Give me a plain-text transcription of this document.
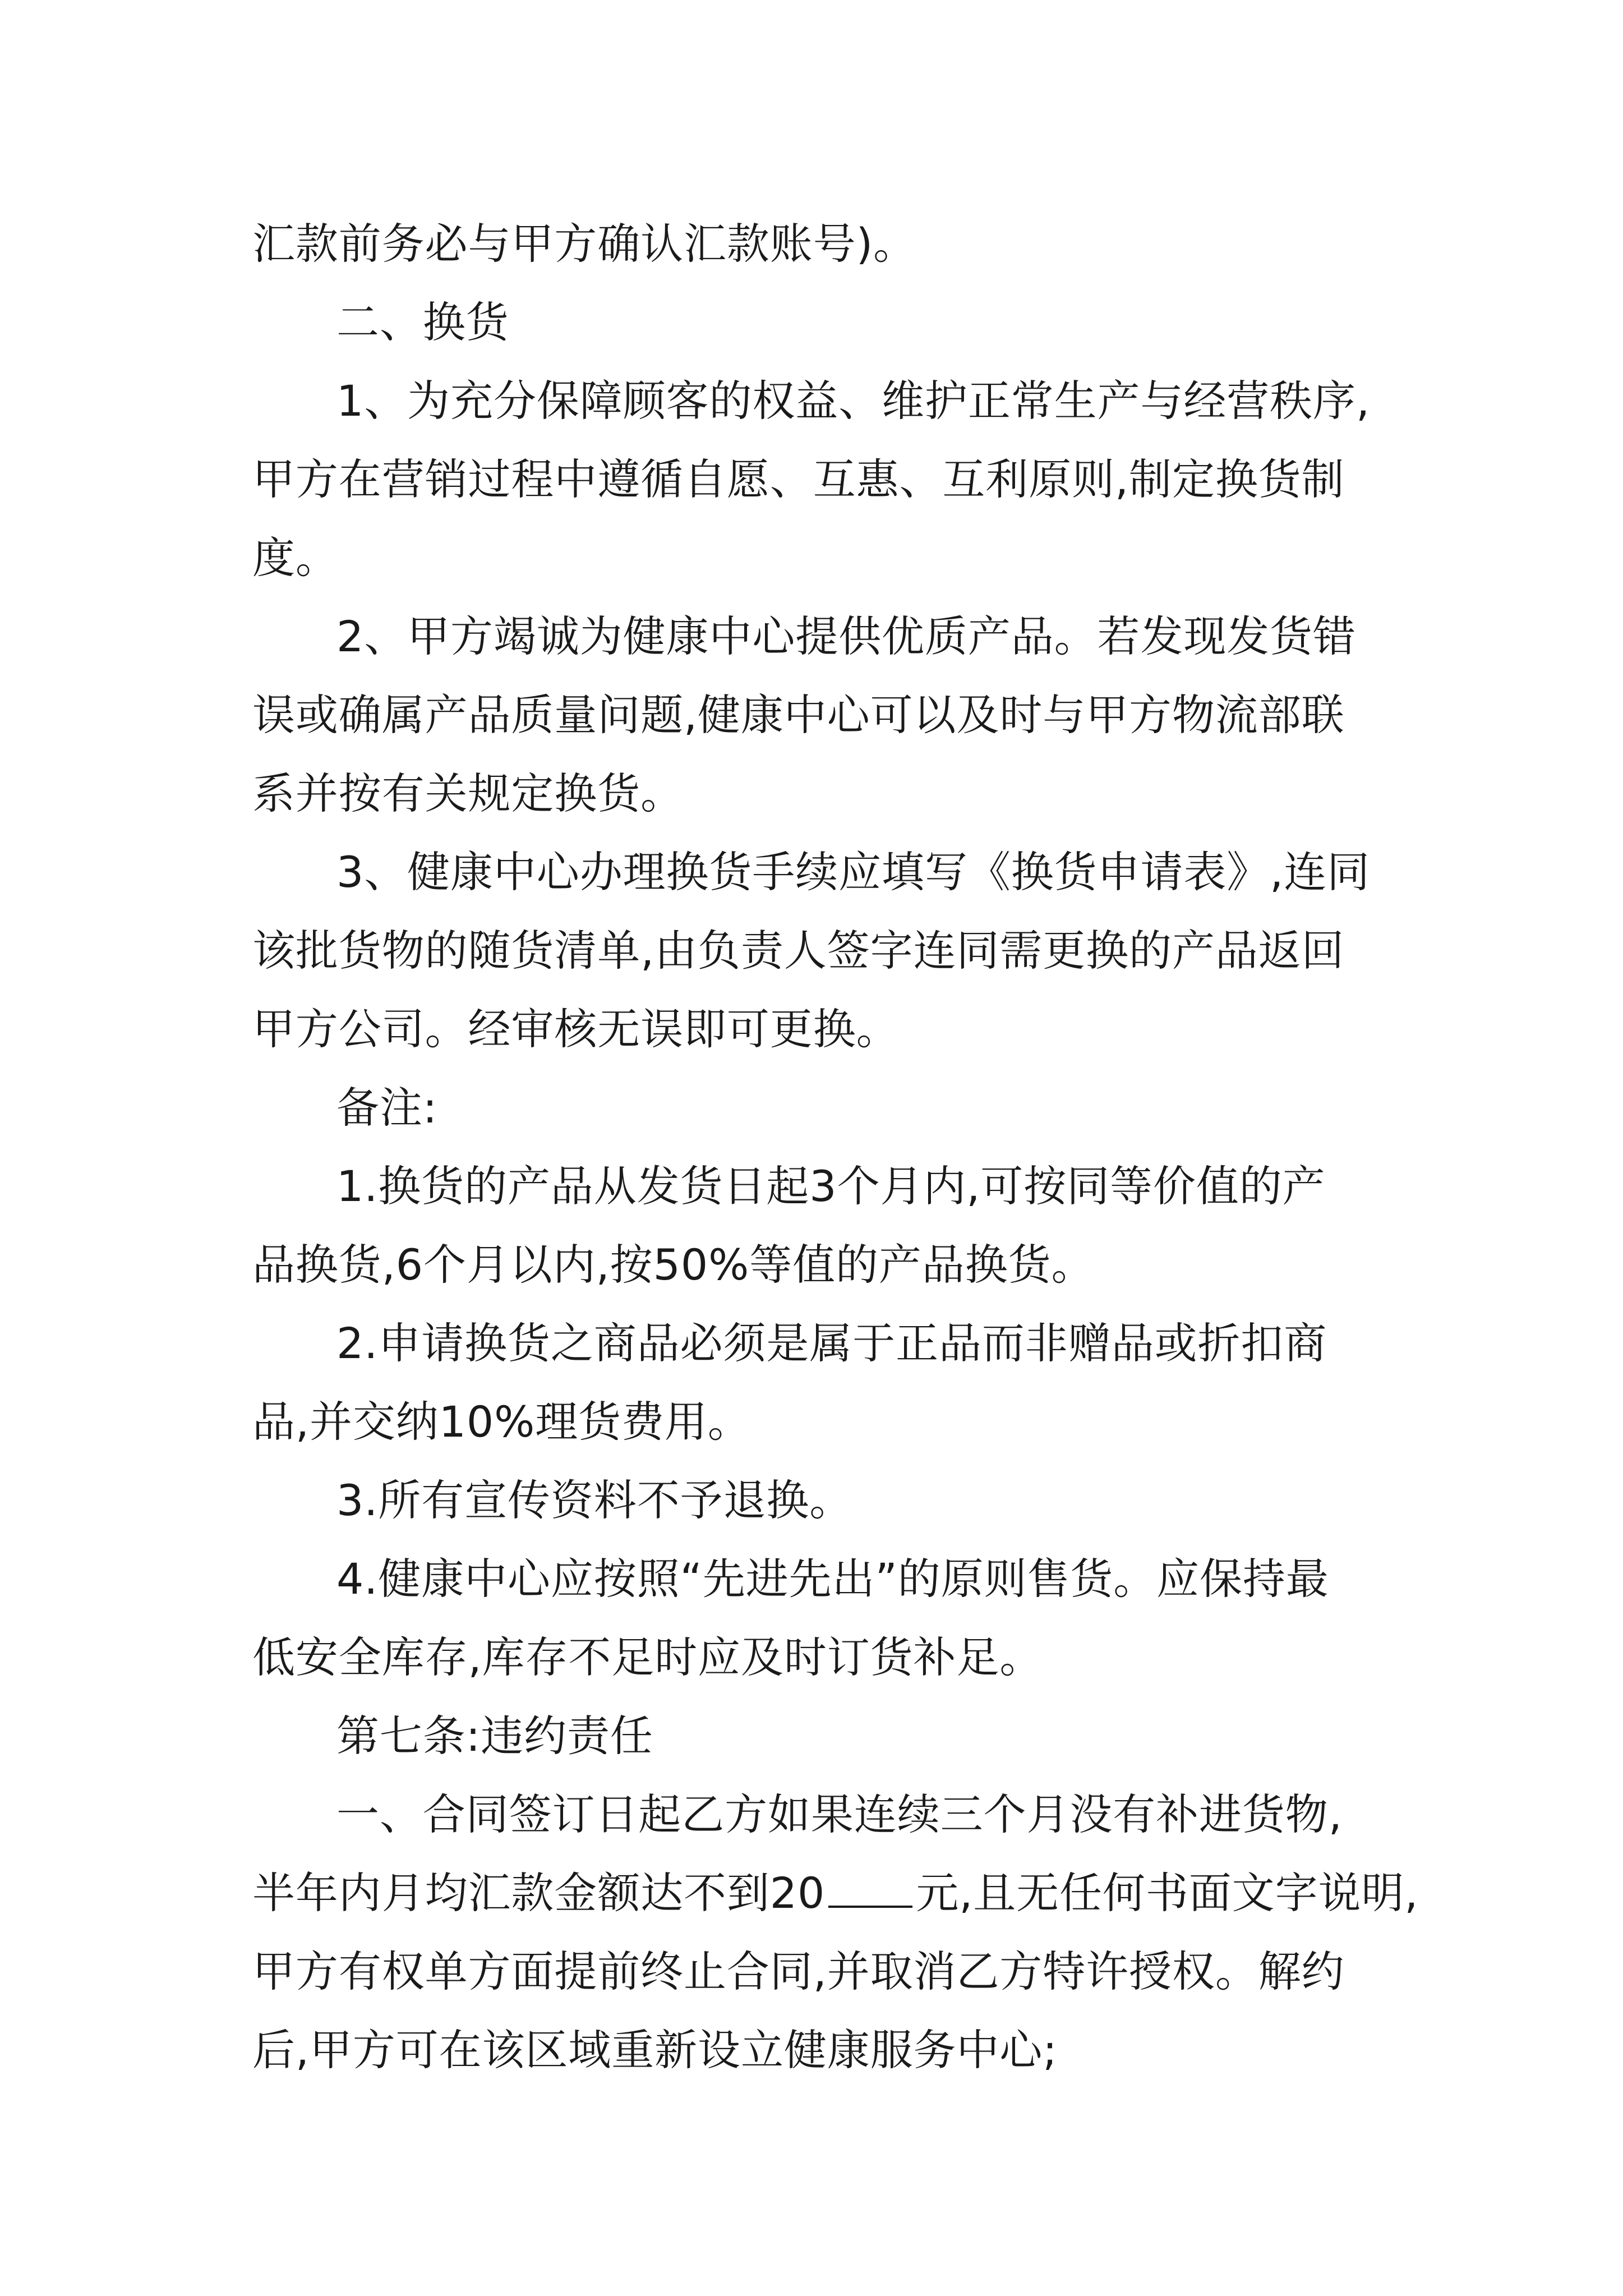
汇款前务必与甲方确认汇款账号)。

二、换货

1、为充分保障顾客的权益、维护正常生产与经营秩序,

甲方在营销过程中遵循自愿、互惠、互利原则,制定换货制

度。

2、甲方竭诚为健康中心提供优质产品。若发现发货错

误或确属产品质量问题,健康中心可以及时与甲方物流部联

系并按有关规定换货。

3、健康中心办理换货手续应填写《换货申请表》,连同

该批货物的随货清单,由负责人签字连同需更换的产品返回

甲方公司。经审核无误即可更换。

备注:

1.换货的产品从发货日起3个月内,可按同等价值的产

品换货,6个月以内,按50%等值的产品换货。

2.申请换货之商品必须是属于正品而非赠品或折扣商

品,并交纳10%理货费用。

3.所有宣传资料不予退换。

4.健康中心应按照“先进先出”的原则售货。应保持最

低安全库存,库存不足时应及时订货补足。

第七条:违约责任

一、合同签订日起乙方如果连续三个月没有补进货物,

半年内月均汇款金额达不到20 元,且无任何书面文字说明,

甲方有权单方面提前终止合同,并取消乙方特许授权。解约

后,甲方可在该区域重新设立健康服务中心;
